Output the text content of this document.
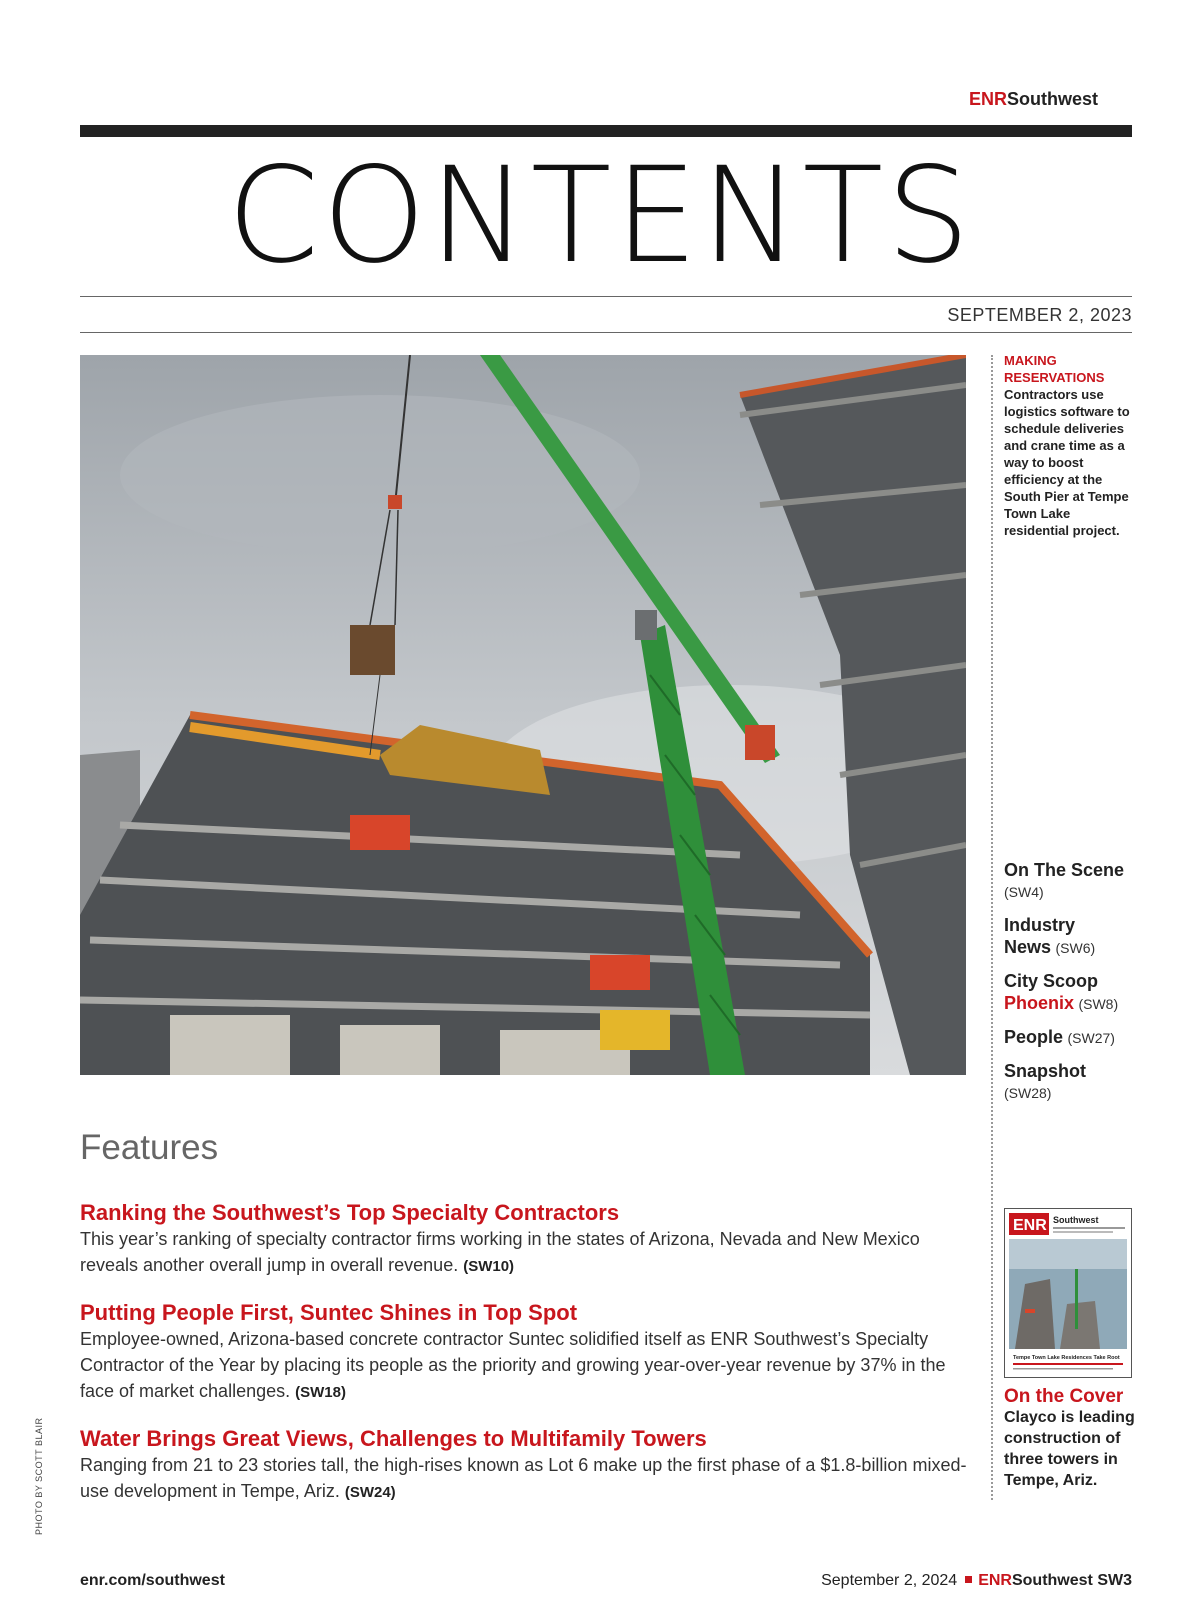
ENRSouthwest
CONTENTS
SEPTEMBER 2, 2023
MAKING
RESERVATIONS
Contractors use logistics software to schedule deliveries and crane time as a way to boost efficiency at the South Pier at Tempe Town Lake residential project.
On The Scene
(SW4)
Industry News (SW6)
City Scoop
Phoenix (SW8)
People (SW27)
Snapshot
(SW28)
ENR Southwest
Tempe Town Lake Residences Take Root
On the Cover
Clayco is leading construction of three towers in Tempe, Ariz.
Features
Ranking the Southwest’s Top Specialty Contractors
This year’s ranking of specialty contractor firms working in the states of Arizona, Nevada and New Mexico reveals another overall jump in overall revenue. (SW10)
Putting People First, Suntec Shines in Top Spot
Employee-owned, Arizona-based concrete contractor Suntec solidified itself as ENR Southwest’s Specialty Contractor of the Year by placing its people as the priority and growing year-over-year revenue by 37% in the face of market challenges. (SW18)
Water Brings Great Views, Challenges to Multifamily Towers
Ranging from 21 to 23 stories tall, the high-rises known as Lot 6 make up the first phase of a $1.8-billion mixed-use development in Tempe, Ariz. (SW24)
PHOTO BY SCOTT BLAIR
enr.com/southwest	September 2, 2024 ENRSouthwest SW3
